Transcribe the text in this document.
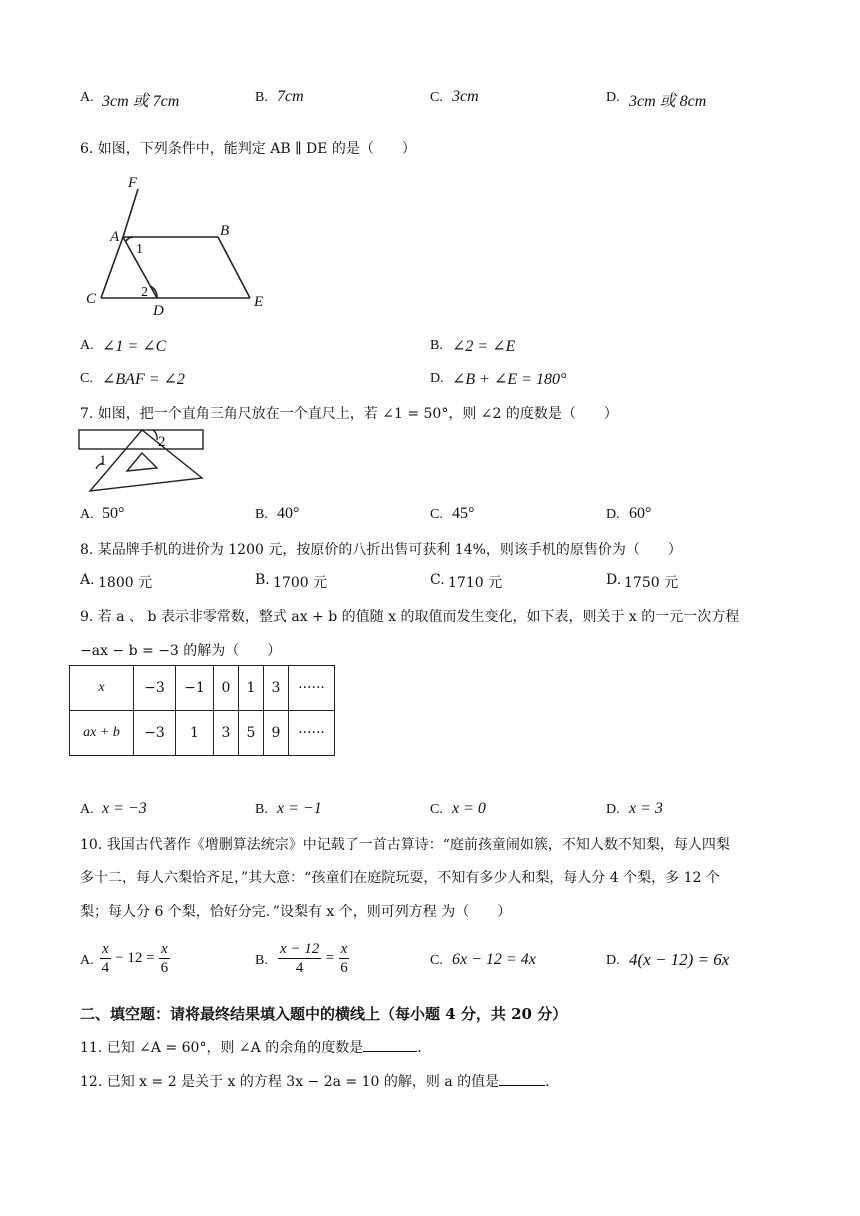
A. 3cm 或 7cm	B. 7cm	C. 3cm	D. 3cm 或 8cm
6. 如图，下列条件中，能判定 AB ∥ DE 的是（　　）
F
A	B
C
D
E
1
2
A. ∠1 = ∠C	B. ∠2 = ∠E
C. ∠BAF = ∠2	D. ∠B + ∠E = 180°
7. 如图，把一个直角三角尺放在一个直尺上，若 ∠1 = 50°，则 ∠2 的度数是（　　）
1
2
A. 50°	B. 40°	C. 45°	D. 60°
8. 某品牌手机的进价为 1200 元，按原价的八折出售可获利 14%，则该手机的原售价为（　　）
A. 1800 元	B. 1700 元	C. 1710 元	D. 1750 元
9. 若 a 、 b 表示非零常数，整式 ax + b 的值随 x 的取值而发生变化，如下表，则关于 x 的一元一次方程
−ax − b = −3 的解为（　　）
x	−3	−1	0	1	3	······
ax + b	−3	1	3	5	9	······
A. x = −3	B. x = −1	C. x = 0	D. x = 3
10. 我国古代著作《增删算法统宗》中记载了一首古算诗：“庭前孩童闹如簇，不知人数不知梨，每人四梨
多十二，每人六梨恰齐足，”其大意：“孩童们在庭院玩耍，不知有多少人和梨，每人分 4 个梨，多 12 个
梨；每人分 6 个梨，恰好分完．”设梨有 x 个，则可列方程 为（　　）
A. $\frac{x}{4} - 12 = \frac{x}{6}$	B. $\frac{x - 12}{4} = \frac{x}{6}$	C. 6x − 12 = 4x	D. 4(x − 12) = 6x
二、填空题：请将最终结果填入题中的横线上（每小题 4 分，共 20 分）
11. 已知 ∠A = 60°，则 ∠A 的余角的度数是	.
12. 已知 x = 2 是关于 x 的方程 3x − 2a = 10 的解，则 a 的值是	.
